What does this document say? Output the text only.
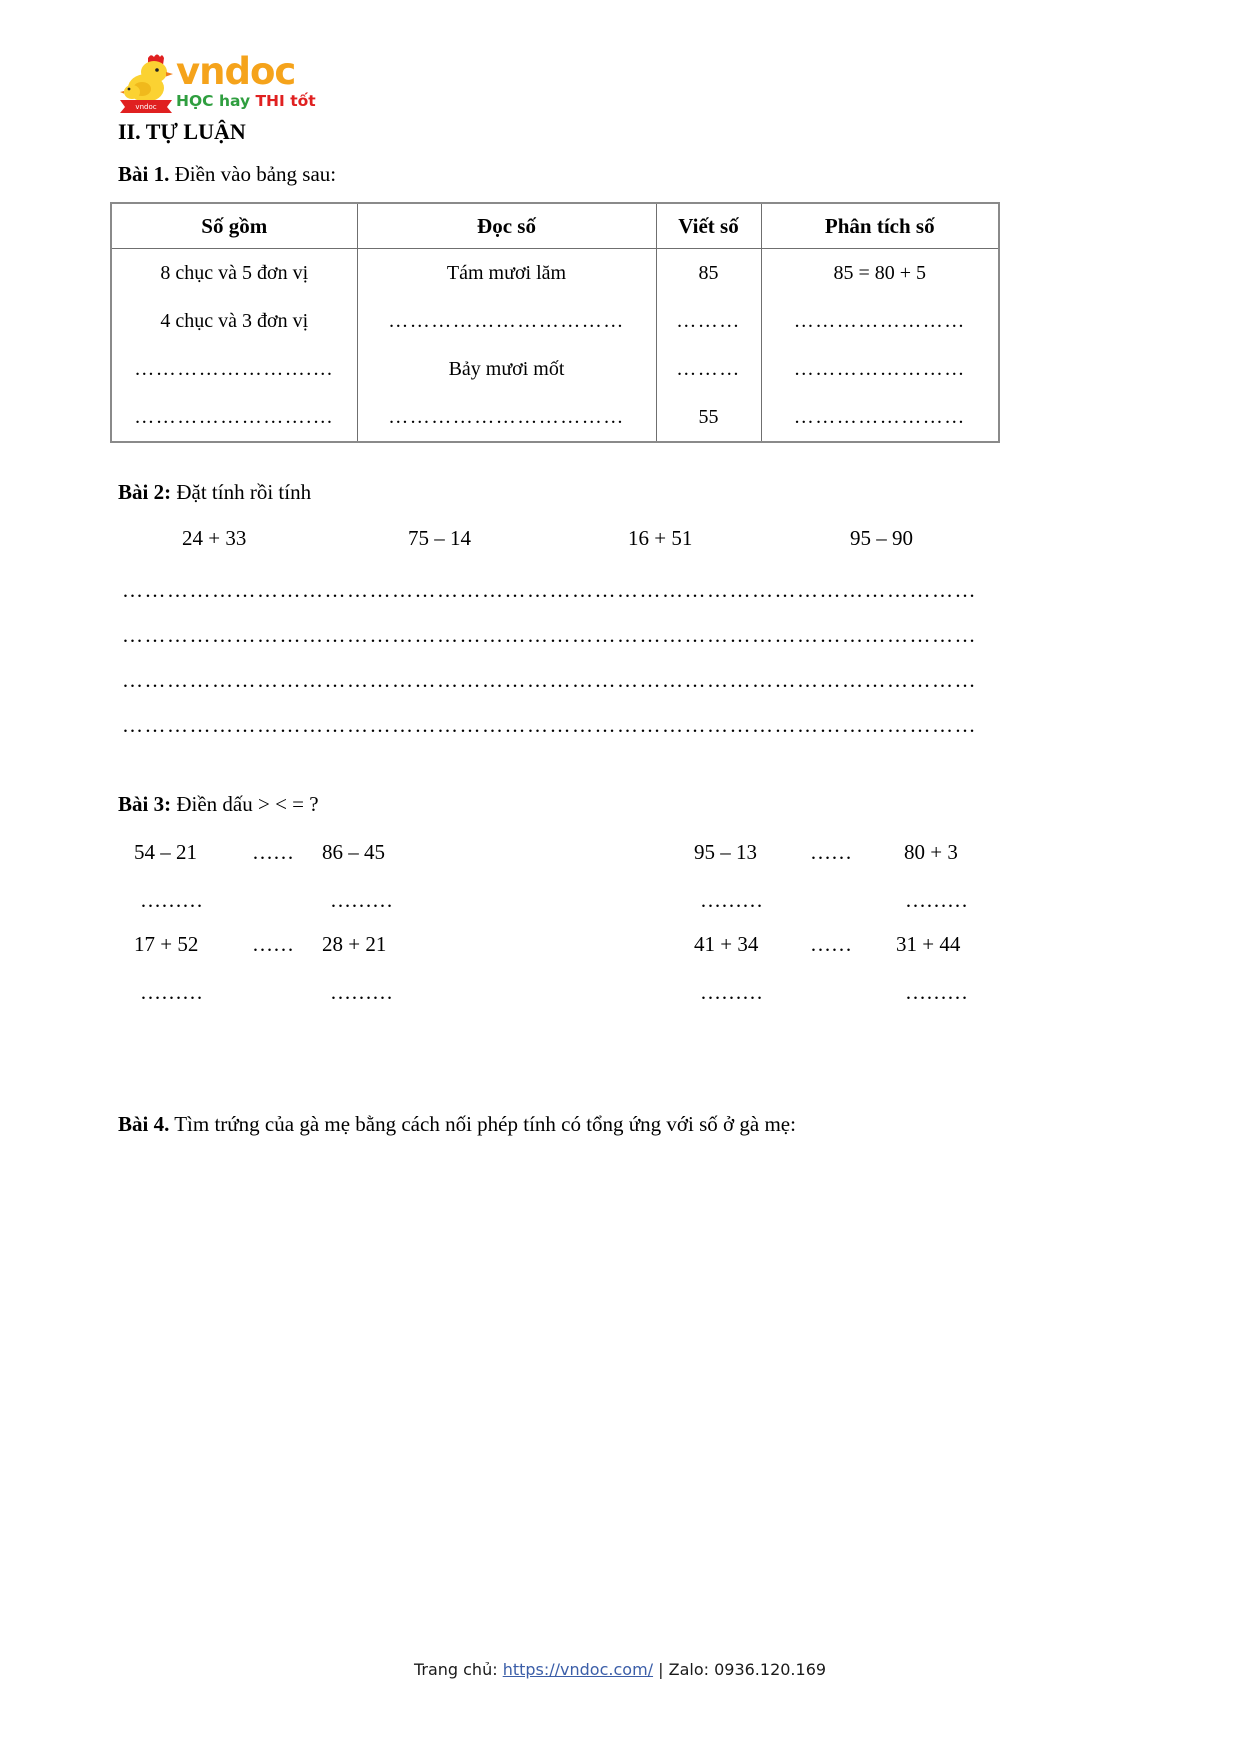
vndoc
vndoc
HỌC hay THI tốt
II. TỰ LUẬN
Bài 1. Điền vào bảng sau:
Số gồm	Đọc số	Viết số	Phân tích số
8 chục và 5 đơn vị	Tám mươi lăm	85	85 = 80 + 5
4 chục và 3 đơn vị	……………………………	………	……………………
…………………….…	Bảy mươi mốt	………	……………………
…………………….…	……………………………	55	……………………
Bài 2: Đặt tính rồi tính
24 + 33	75 – 14	16 + 51	95 – 90
……………………………………………………………………………………………………
……………………………………………………………………………………………………
……………………………………………………………………………………………………
……………………………………………………………………………………………………
Bài 3: Điền dấu > < = ?
54 – 21	…… 86 – 45	95 – 13	…… 80 + 3
………	………	………	………
17 + 52	…… 28 + 21	41 + 34 …… 31 + 44
………	………	………	………
Bài 4. Tìm trứng của gà mẹ bằng cách nối phép tính có tổng ứng với số ở gà mẹ:
Trang chủ: https://vndoc.com/ | Zalo: 0936.120.169
